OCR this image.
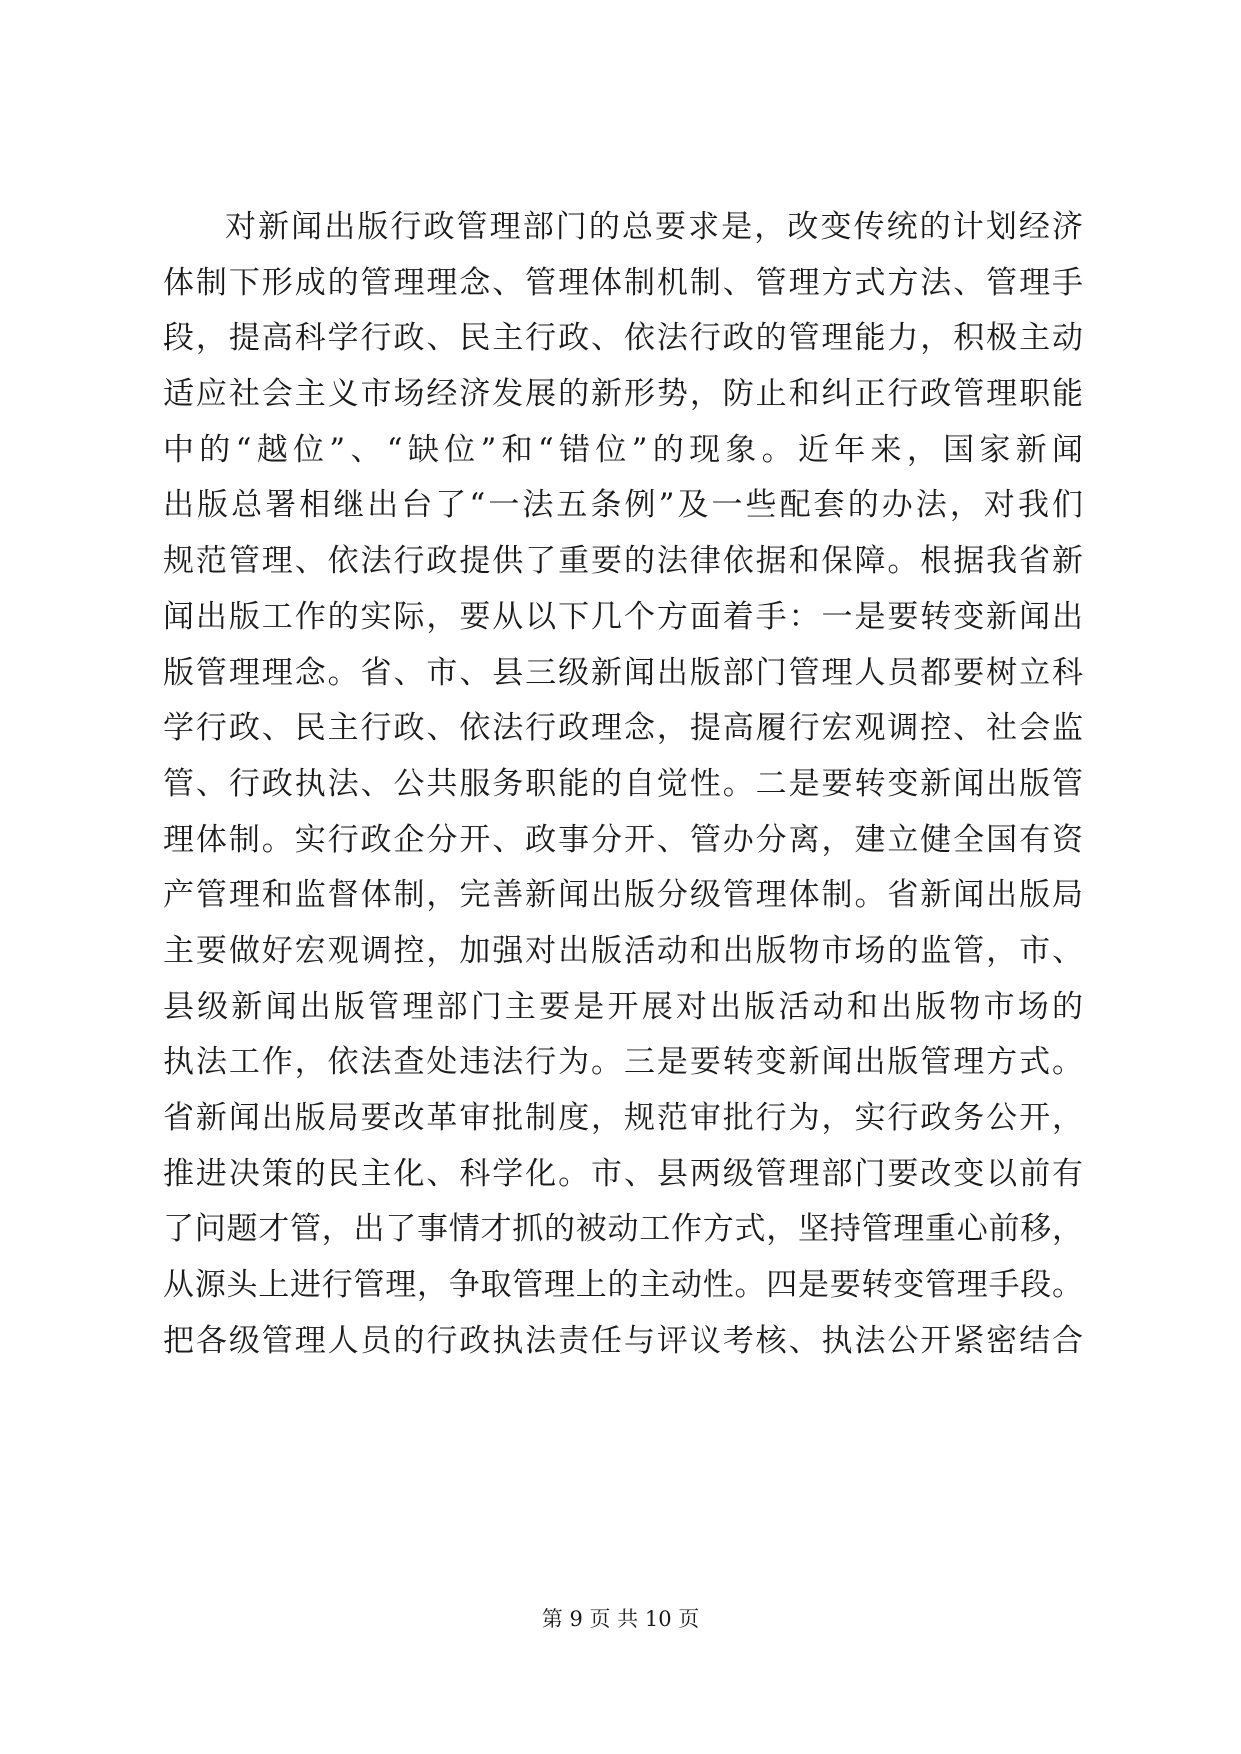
对新闻出版行政管理部门的总要求是，改变传统的计划经济
体制下形成的管理理念、管理体制机制、管理方式方法、管理手
段，提高科学行政、民主行政、依法行政的管理能力，积极主动
适应社会主义市场经济发展的新形势，防止和纠正行政管理职能
中的“越位”、“缺位”和“错位”的现象。近年来，国家新闻
出版总署相继出台了“一法五条例”及一些配套的办法，对我们
规范管理、依法行政提供了重要的法律依据和保障。根据我省新
闻出版工作的实际，要从以下几个方面着手：一是要转变新闻出
版管理理念。省、市、县三级新闻出版部门管理人员都要树立科
学行政、民主行政、依法行政理念，提高履行宏观调控、社会监
管、行政执法、公共服务职能的自觉性。二是要转变新闻出版管
理体制。实行政企分开、政事分开、管办分离，建立健全国有资
产管理和监督体制，完善新闻出版分级管理体制。省新闻出版局
主要做好宏观调控，加强对出版活动和出版物市场的监管，市、
县级新闻出版管理部门主要是开展对出版活动和出版物市场的
执法工作，依法查处违法行为。三是要转变新闻出版管理方式。
省新闻出版局要改革审批制度，规范审批行为，实行政务公开，
推进决策的民主化、科学化。市、县两级管理部门要改变以前有
了问题才管，出了事情才抓的被动工作方式，坚持管理重心前移，
从源头上进行管理，争取管理上的主动性。四是要转变管理手段。
把各级管理人员的行政执法责任与评议考核、执法公开紧密结合
第 9 页 共 10 页
